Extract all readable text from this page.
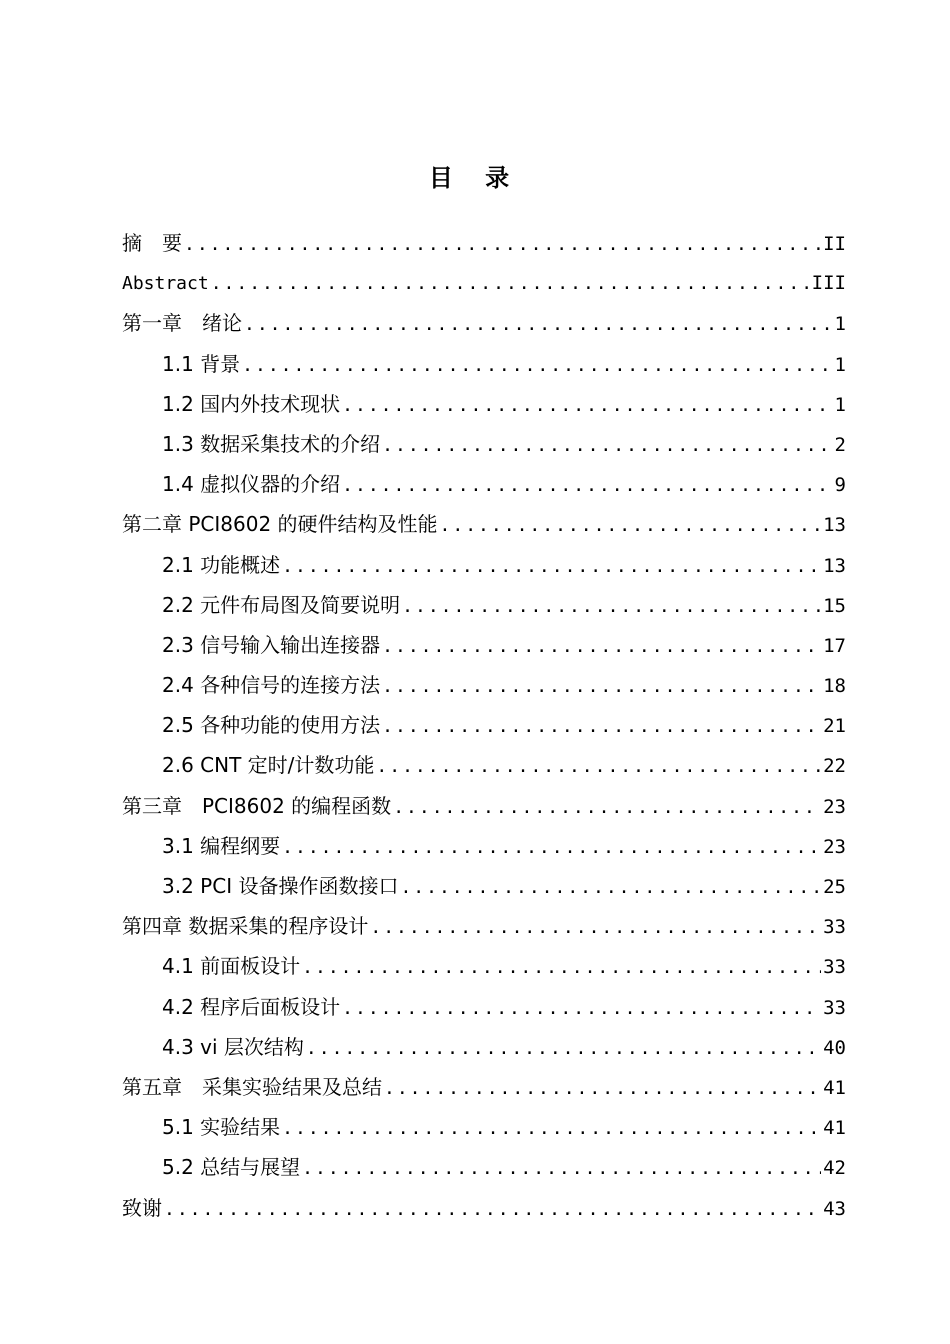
目 录
摘　要 .....	II
Abstract .....	III
第一章　绪论 .....	1
1.1 背景 .....	1
1.2 国内外技术现状 .....	1
1.3 数据采集技术的介绍 .....	2
1.4 虚拟仪器的介绍 .....	9
第二章 PCI8602 的硬件结构及性能 .....	13
2.1 功能概述 .....	13
2.2 元件布局图及简要说明 .....	15
2.3 信号输入输出连接器 .....	17
2.4 各种信号的连接方法 .....	18
2.5 各种功能的使用方法 .....	21
2.6 CNT 定时/计数功能 .....	22
第三章　PCI8602 的编程函数 .....	23
3.1 编程纲要 .....	23
3.2 PCI 设备操作函数接口 .....	25
第四章 数据采集的程序设计 .....	33
4.1 前面板设计 .....	33
4.2 程序后面板设计 .....	33
4.3 vi 层次结构 .....	40
第五章　采集实验结果及总结 .....	41
5.1 实验结果 .....	41
5.2 总结与展望 .....	42
致谢 .....	43
